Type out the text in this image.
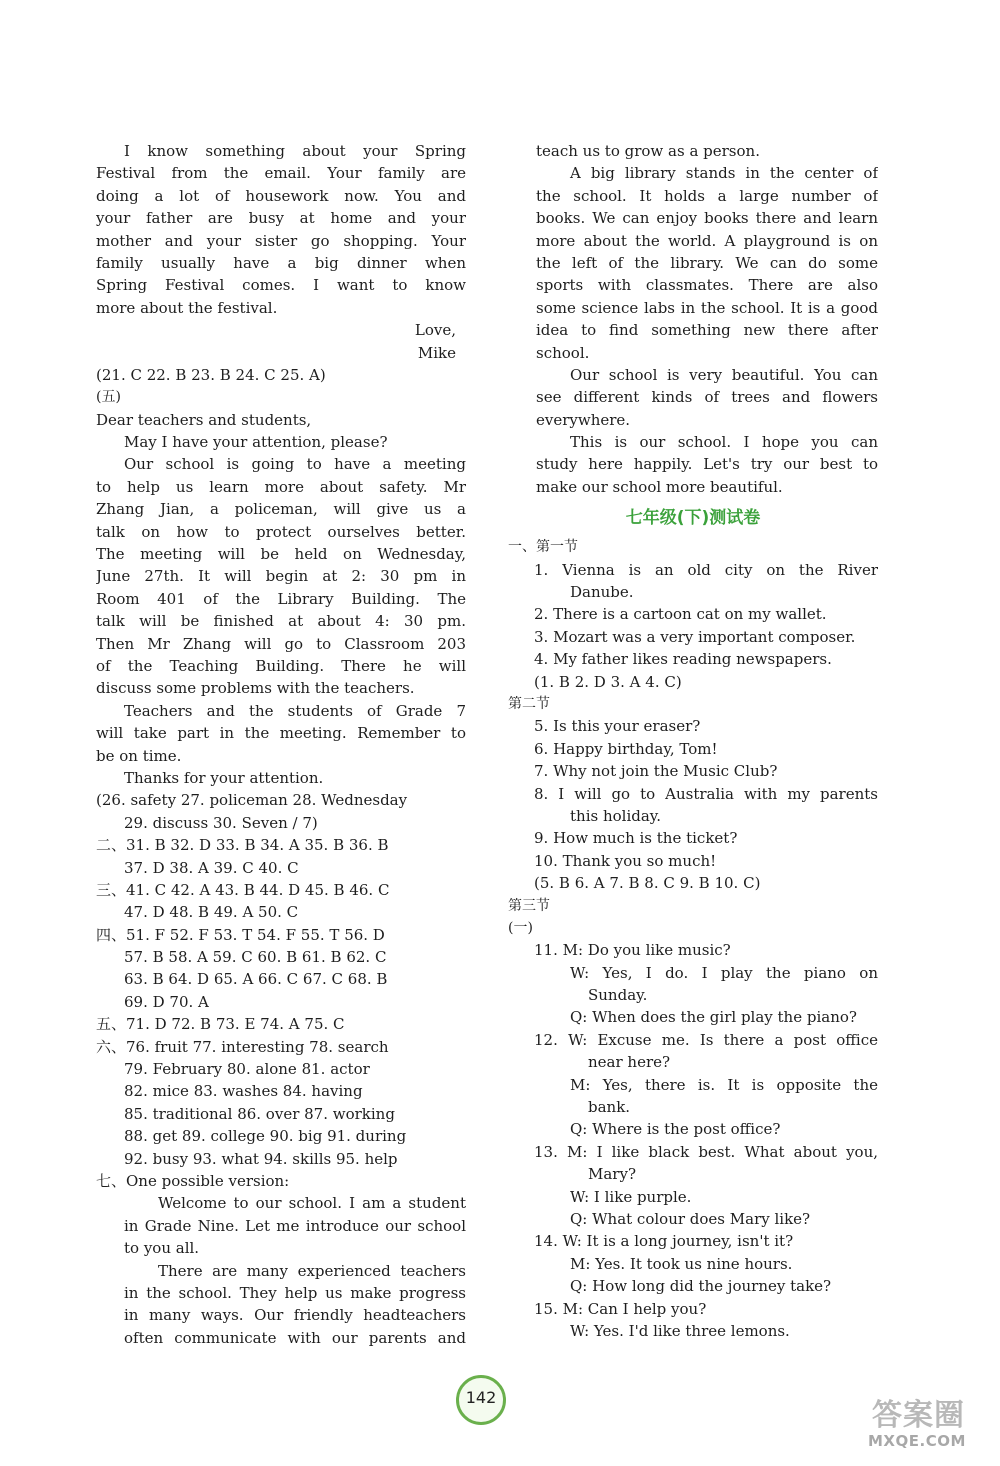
I know something about your Spring
Festival from the email. Your family are
doing a lot of housework now. You and
your father are busy at home and your
mother and your sister go shopping. Your
family usually have a big dinner when
Spring Festival comes. I want to know
more about the festival.
Love,
Mike
(21. C 22. B 23. B 24. C 25. A)
(五)
Dear teachers and students,
May I have your attention, please?
Our school is going to have a meeting
to help us learn more about safety. Mr
Zhang Jian, a policeman, will give us a
talk on how to protect ourselves better.
The meeting will be held on Wednesday,
June 27th. It will begin at 2: 30 pm in
Room 401 of the Library Building. The
talk will be finished at about 4: 30 pm.
Then Mr Zhang will go to Classroom 203
of the Teaching Building. There he will
discuss some problems with the teachers.
Teachers and the students of Grade 7
will take part in the meeting. Remember to
be on time.
Thanks for your attention.
(26. safety 27. policeman 28. Wednesday
29. discuss 30. Seven / 7)
二、31. B 32. D 33. B 34. A 35. B 36. B
37. D 38. A 39. C 40. C
三、41. C 42. A 43. B 44. D 45. B 46. C
47. D 48. B 49. A 50. C
四、51. F 52. F 53. T 54. F 55. T 56. D
57. B 58. A 59. C 60. B 61. B 62. C
63. B 64. D 65. A 66. C 67. C 68. B
69. D 70. A
五、71. D 72. B 73. E 74. A 75. C
六、76. fruit 77. interesting 78. search
79. February 80. alone 81. actor
82. mice 83. washes 84. having
85. traditional 86. over 87. working
88. get 89. college 90. big 91. during
92. busy 93. what 94. skills 95. help
七、One possible version:
Welcome to our school. I am a student
in Grade Nine. Let me introduce our school
to you all.
There are many experienced teachers
in the school. They help us make progress
in many ways. Our friendly headteachers
often communicate with our parents and
teach us to grow as a person.
A big library stands in the center of
the school. It holds a large number of
books. We can enjoy books there and learn
more about the world. A playground is on
the left of the library. We can do some
sports with classmates. There are also
some science labs in the school. It is a good
idea to find something new there after
school.
Our school is very beautiful. You can
see different kinds of trees and flowers
everywhere.
This is our school. I hope you can
study here happily. Let's try our best to
make our school more beautiful.
七年级(下)测试卷
一、第一节
1. Vienna is an old city on the River
Danube.
2. There is a cartoon cat on my wallet.
3. Mozart was a very important composer.
4. My father likes reading newspapers.
(1. B 2. D 3. A 4. C)
第二节
5. Is this your eraser?
6. Happy birthday, Tom!
7. Why not join the Music Club?
8. I will go to Australia with my parents
this holiday.
9. How much is the ticket?
10. Thank you so much!
(5. B 6. A 7. B 8. C 9. B 10. C)
第三节
(一)
11. M: Do you like music?
W: Yes, I do. I play the piano on
Sunday.
Q: When does the girl play the piano?
12. W: Excuse me. Is there a post office
near here?
M: Yes, there is. It is opposite the
bank.
Q: Where is the post office?
13. M: I like black best. What about you,
Mary?
W: I like purple.
Q: What colour does Mary like?
14. W: It is a long journey, isn't it?
M: Yes. It took us nine hours.
Q: How long did the journey take?
15. M: Can I help you?
W: Yes. I'd like three lemons.
142
答案圈
MXQE.COM
